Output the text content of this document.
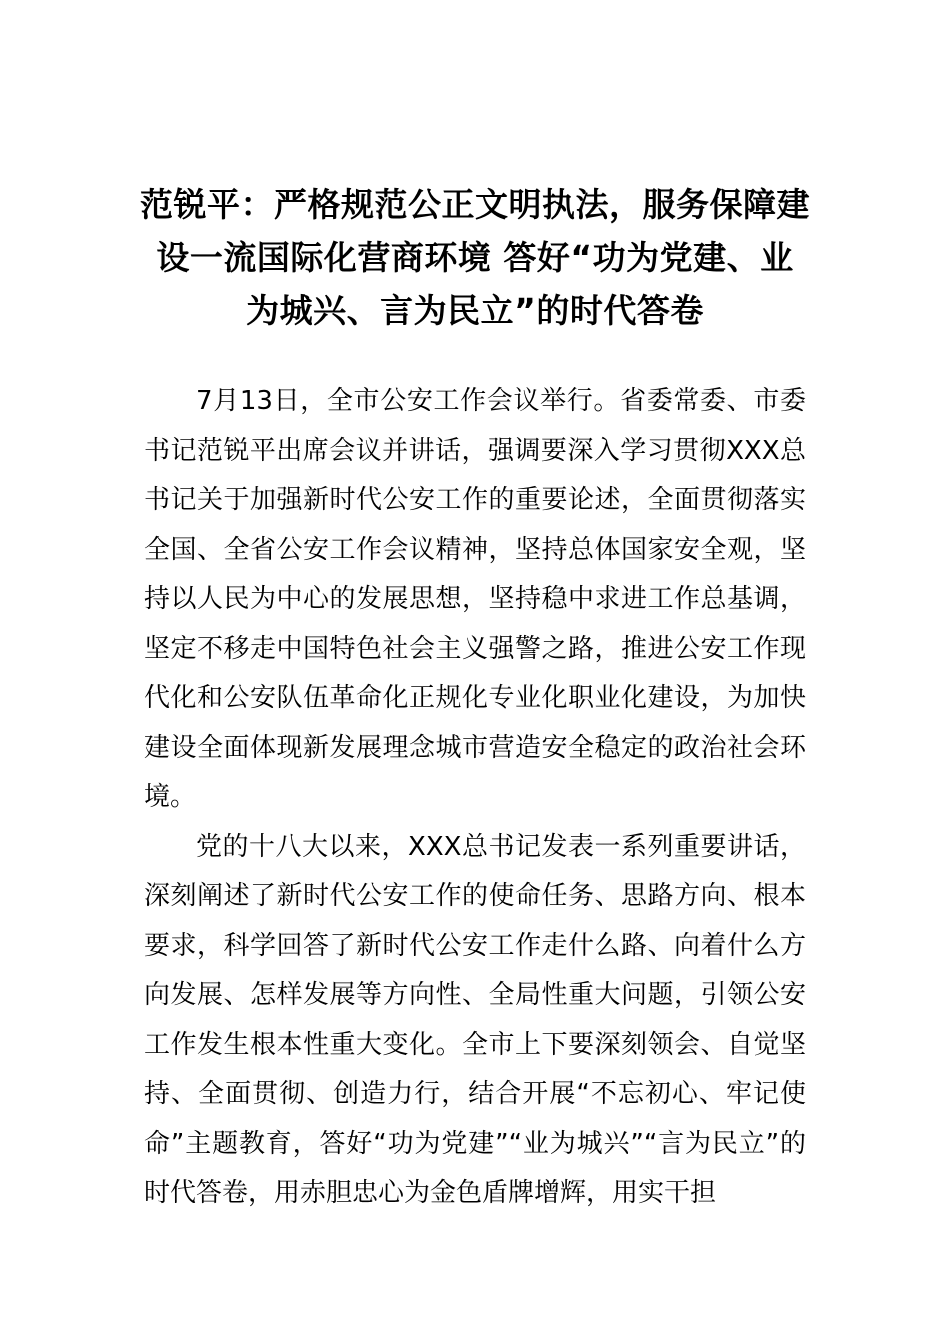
范锐平：严格规范公正文明执法，服务保障建设一流国际化营商环境 答好“功为党建、业为城兴、言为民立”的时代答卷

7月13日，全市公安工作会议举行。省委常委、市委书记范锐平出席会议并讲话，强调要深入学习贯彻XXX总书记关于加强新时代公安工作的重要论述，全面贯彻落实全国、全省公安工作会议精神，坚持总体国家安全观，坚持以人民为中心的发展思想，坚持稳中求进工作总基调，坚定不移走中国特色社会主义强警之路，推进公安工作现代化和公安队伍革命化正规化专业化职业化建设，为加快建设全面体现新发展理念城市营造安全稳定的政治社会环境。

党的十八大以来，XXX总书记发表一系列重要讲话，深刻阐述了新时代公安工作的使命任务、思路方向、根本要求，科学回答了新时代公安工作走什么路、向着什么方向发展、怎样发展等方向性、全局性重大问题，引领公安工作发生根本性重大变化。全市上下要深刻领会、自觉坚持、全面贯彻、创造力行，结合开展“不忘初心、牢记使命”主题教育，答好“功为党建”“业为城兴”“言为民立”的时代答卷，用赤胆忠心为金色盾牌增辉，用实干担
